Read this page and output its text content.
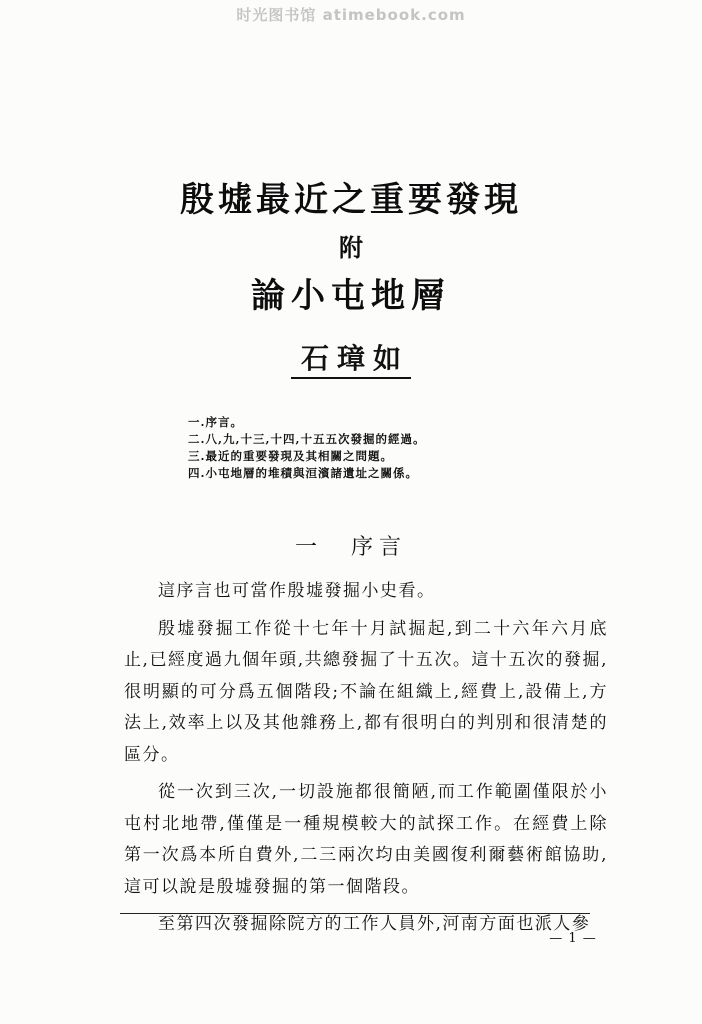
时光图书馆 atimebook.com
殷墟最近之重要發現
附
論小屯地層
石璋如
一.序言。
二.八,九,十三,十四,十五五次發掘的經過。
三.最近的重要發現及其相關之問題。
四.小屯地層的堆積與洹濱諸遺址之關係。
一　序言

這序言也可當作殷墟發掘小史看。

殷墟發掘工作從十七年十月試掘起,到二十六年六月底止,已經度過九個年頭,共總發掘了十五次。這十五次的發掘,很明顯的可分爲五個階段;不論在組織上,經費上,設備上,方法上,效率上以及其他雜務上,都有很明白的判別和很清楚的區分。

從一次到三次,一切設施都很簡陋,而工作範圍僅限於小屯村北地帶,僅僅是一種規模較大的試探工作。在經費上除第一次爲本所自費外,二三兩次均由美國復利爾藝術館協助,這可以說是殷墟發掘的第一個階段。

至第四次發掘除院方的工作人員外,河南方面也派人參

— 1 —
